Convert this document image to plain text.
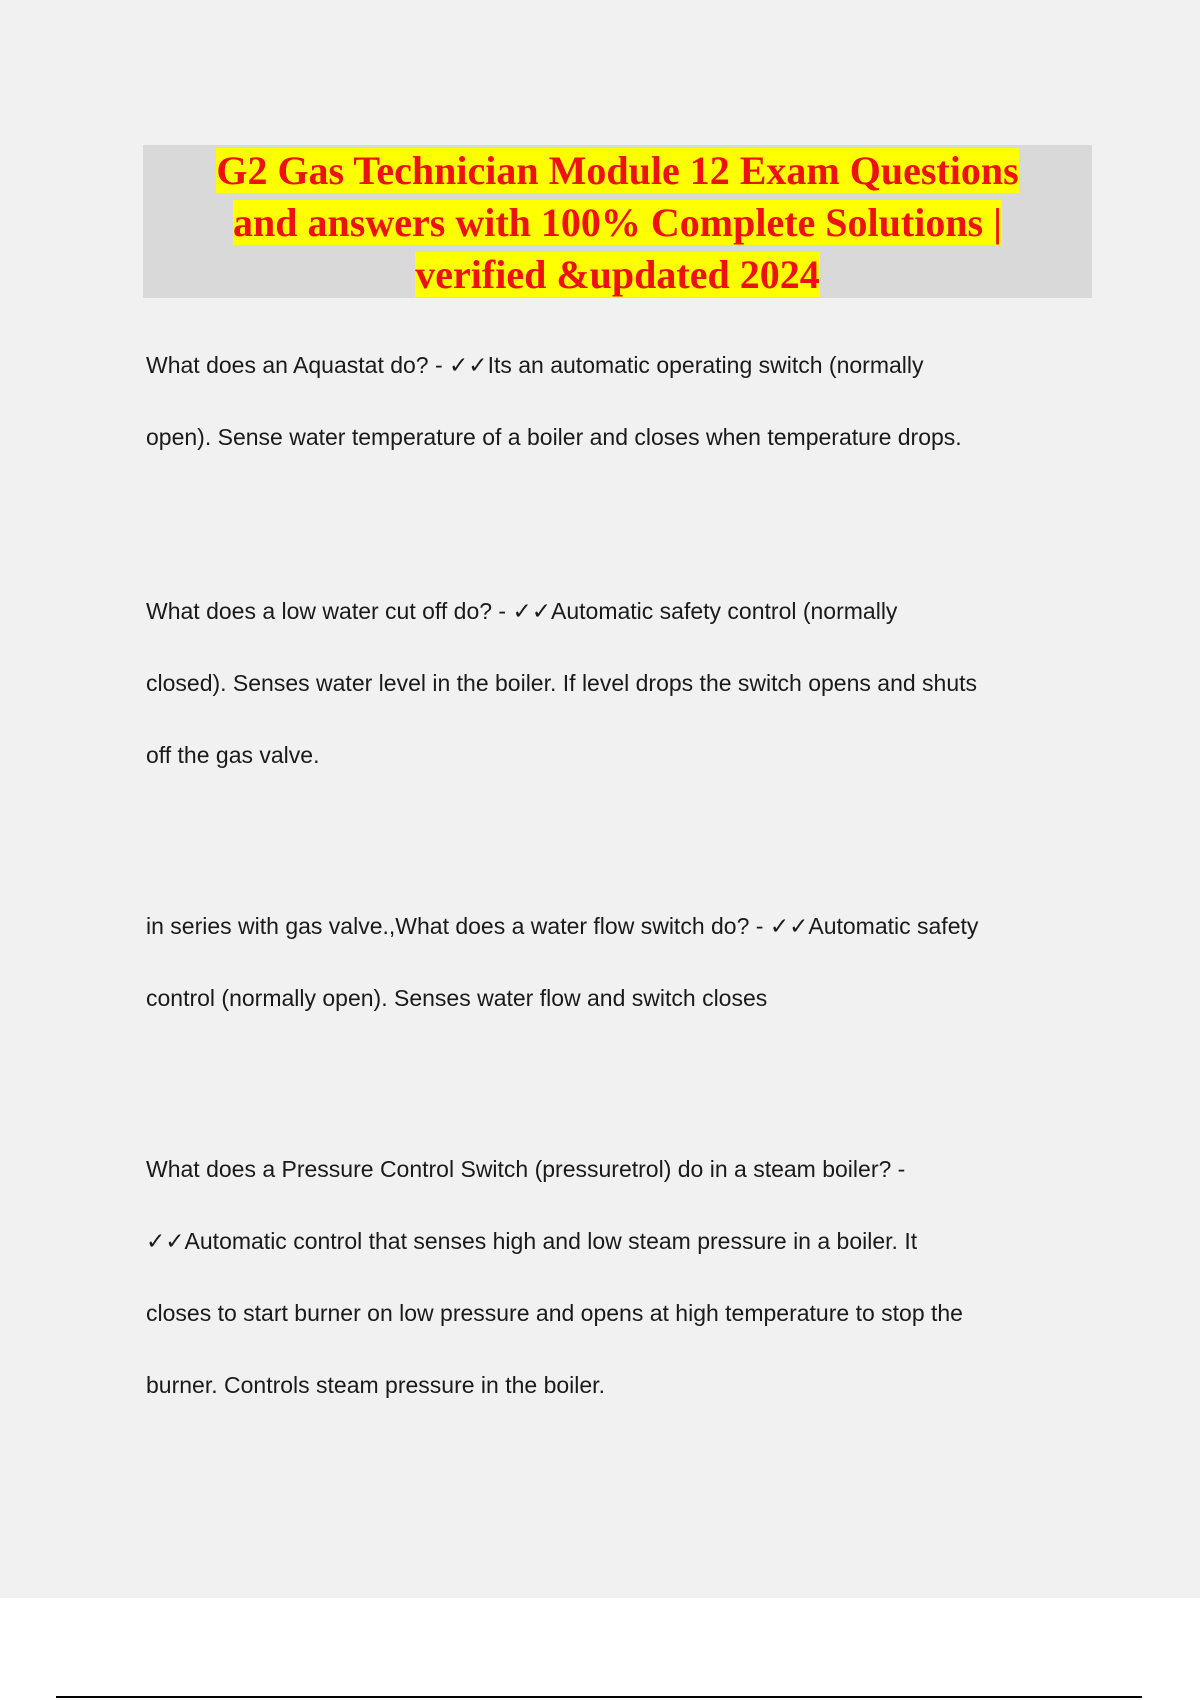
G2 Gas Technician Module 12 Exam Questions
and answers with 100% Complete Solutions |
verified &updated 2024

What does an Aquastat do? - ✓✓Its an automatic operating switch (normally
open). Sense water temperature of a boiler and closes when temperature drops.

What does a low water cut off do? - ✓✓Automatic safety control (normally
closed). Senses water level in the boiler. If level drops the switch opens and shuts
off the gas valve.

in series with gas valve.,What does a water flow switch do? - ✓✓Automatic safety
control (normally open). Senses water flow and switch closes

What does a Pressure Control Switch (pressuretrol) do in a steam boiler? -
✓✓Automatic control that senses high and low steam pressure in a boiler. It
closes to start burner on low pressure and opens at high temperature to stop the
burner. Controls steam pressure in the boiler.
